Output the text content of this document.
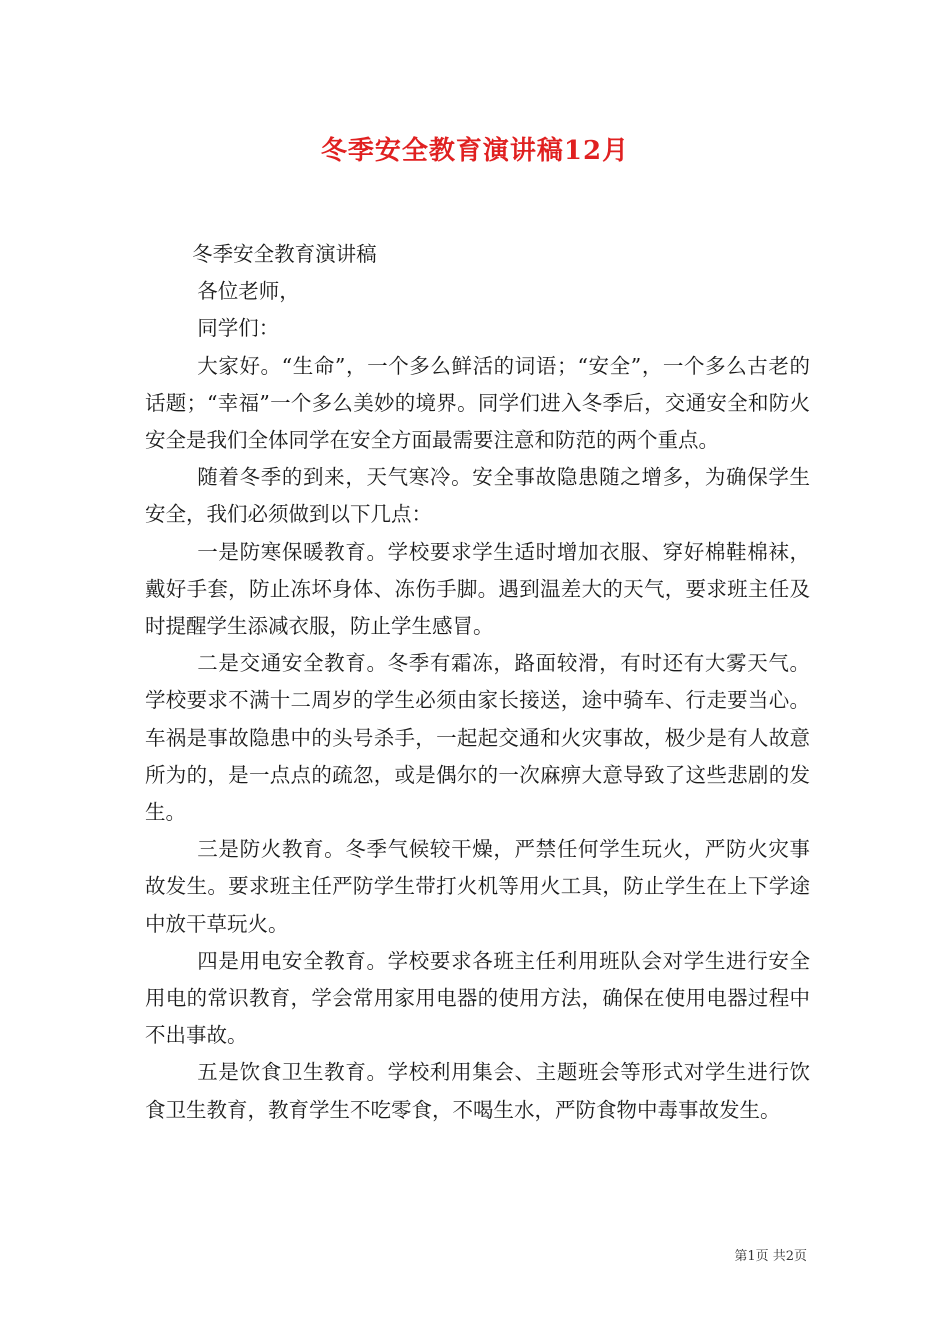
冬季安全教育演讲稿12月

冬季安全教育演讲稿

各位老师，

同学们：

大家好。“生命”，一个多么鲜活的词语；“安全”，一个多么古老的话题；“幸福”一个多么美妙的境界。同学们进入冬季后，交通安全和防火安全是我们全体同学在安全方面最需要注意和防范的两个重点。

随着冬季的到来，天气寒冷。安全事故隐患随之增多，为确保学生安全，我们必须做到以下几点：

一是防寒保暖教育。学校要求学生适时增加衣服、穿好棉鞋棉袜，戴好手套，防止冻坏身体、冻伤手脚。遇到温差大的天气，要求班主任及时提醒学生添减衣服，防止学生感冒。

二是交通安全教育。冬季有霜冻，路面较滑，有时还有大雾天气。学校要求不满十二周岁的学生必须由家长接送，途中骑车、行走要当心。车祸是事故隐患中的头号杀手，一起起交通和火灾事故，极少是有人故意所为的，是一点点的疏忽，或是偶尔的一次麻痹大意导致了这些悲剧的发生。

三是防火教育。冬季气候较干燥，严禁任何学生玩火，严防火灾事故发生。要求班主任严防学生带打火机等用火工具，防止学生在上下学途中放干草玩火。

四是用电安全教育。学校要求各班主任利用班队会对学生进行安全用电的常识教育，学会常用家用电器的使用方法，确保在使用电器过程中不出事故。

五是饮食卫生教育。学校利用集会、主题班会等形式对学生进行饮食卫生教育，教育学生不吃零食，不喝生水，严防食物中毒事故发生。

第1页 共2页
